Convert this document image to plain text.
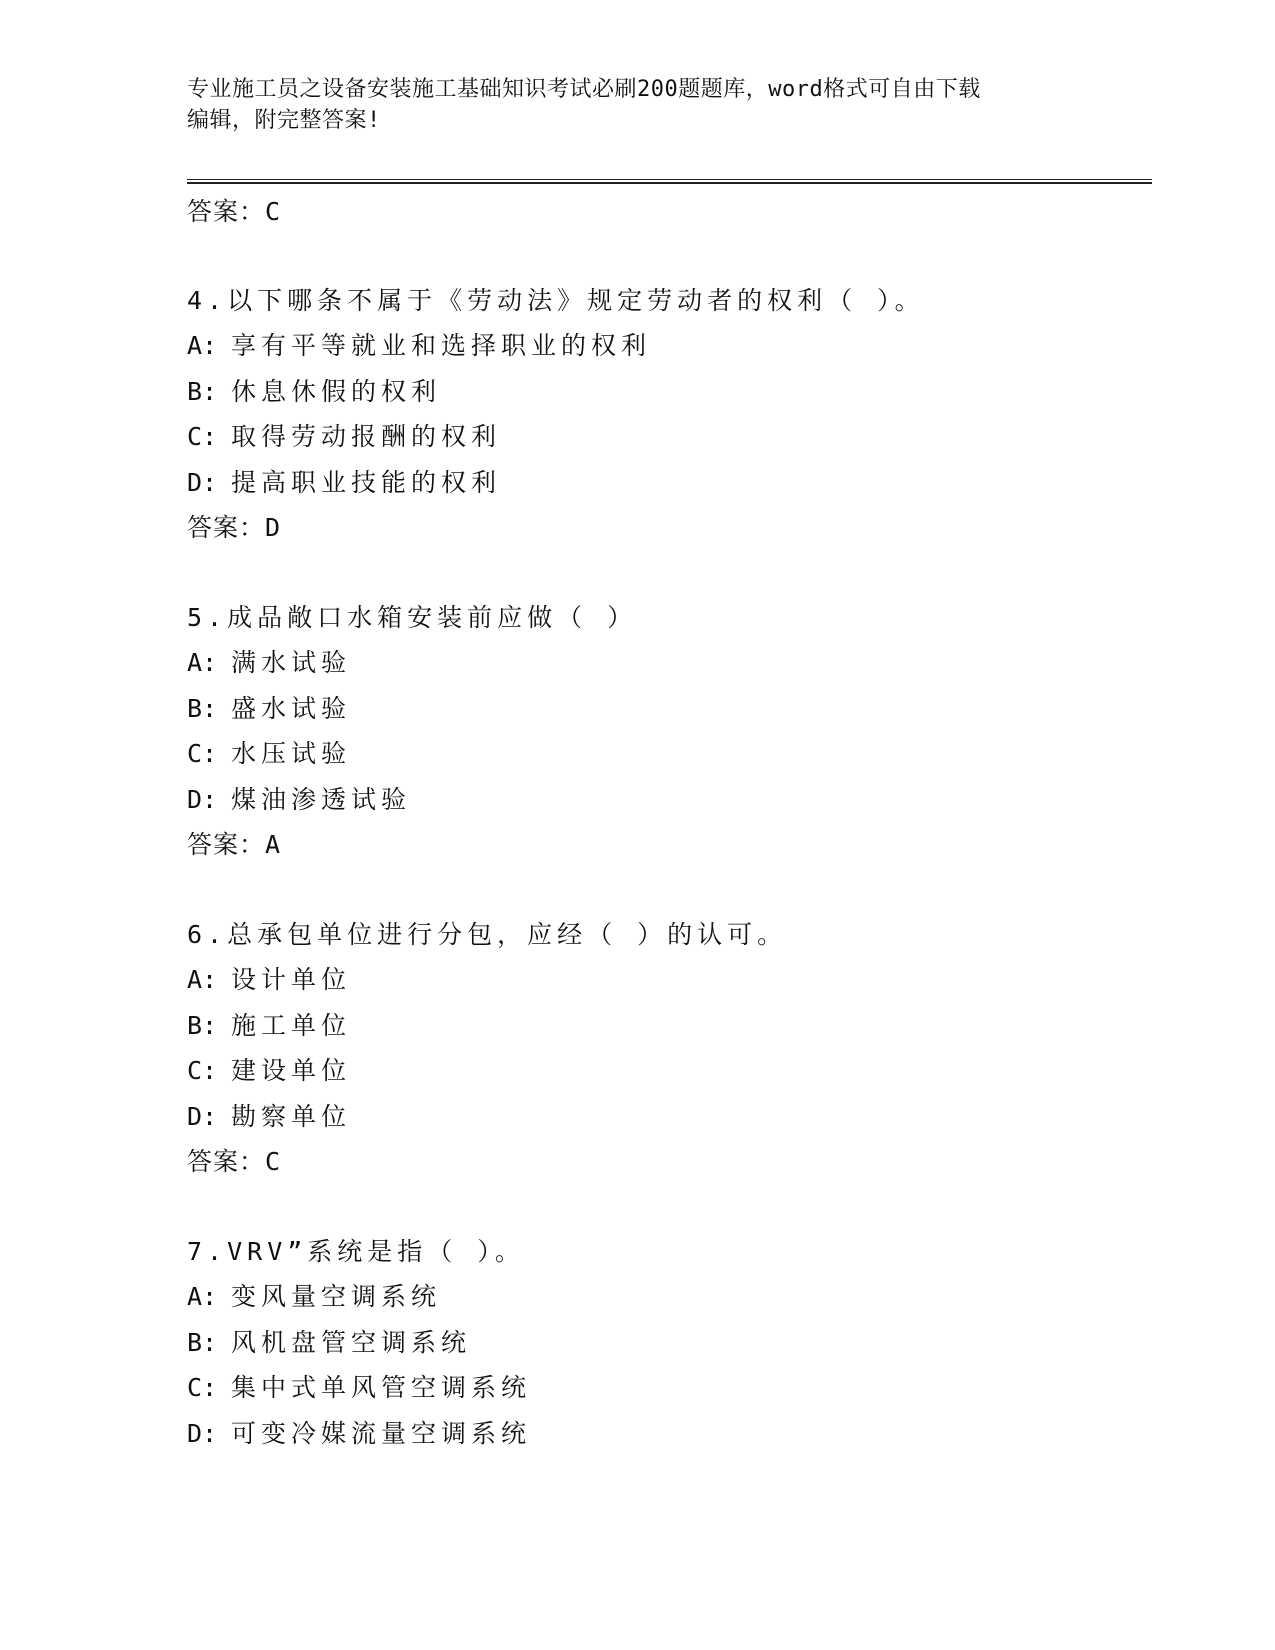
专业施工员之设备安装施工基础知识考试必刷200题题库，word格式可自由下载
编辑，附完整答案!
答案：C
4.以下哪条不属于《劳动法》规定劳动者的权利（ ）。
A: 享有平等就业和选择职业的权利
B: 休息休假的权利
C: 取得劳动报酬的权利
D: 提高职业技能的权利
答案：D
5.成品敞口水箱安装前应做（ ）
A: 满水试验
B: 盛水试验
C: 水压试验
D: 煤油渗透试验
答案：A
6.总承包单位进行分包，应经（ ）的认可。
A: 设计单位
B: 施工单位
C: 建设单位
D: 勘察单位
答案：C
7.VRV”系统是指（ ）。
A: 变风量空调系统
B: 风机盘管空调系统
C: 集中式单风管空调系统
D: 可变冷媒流量空调系统
